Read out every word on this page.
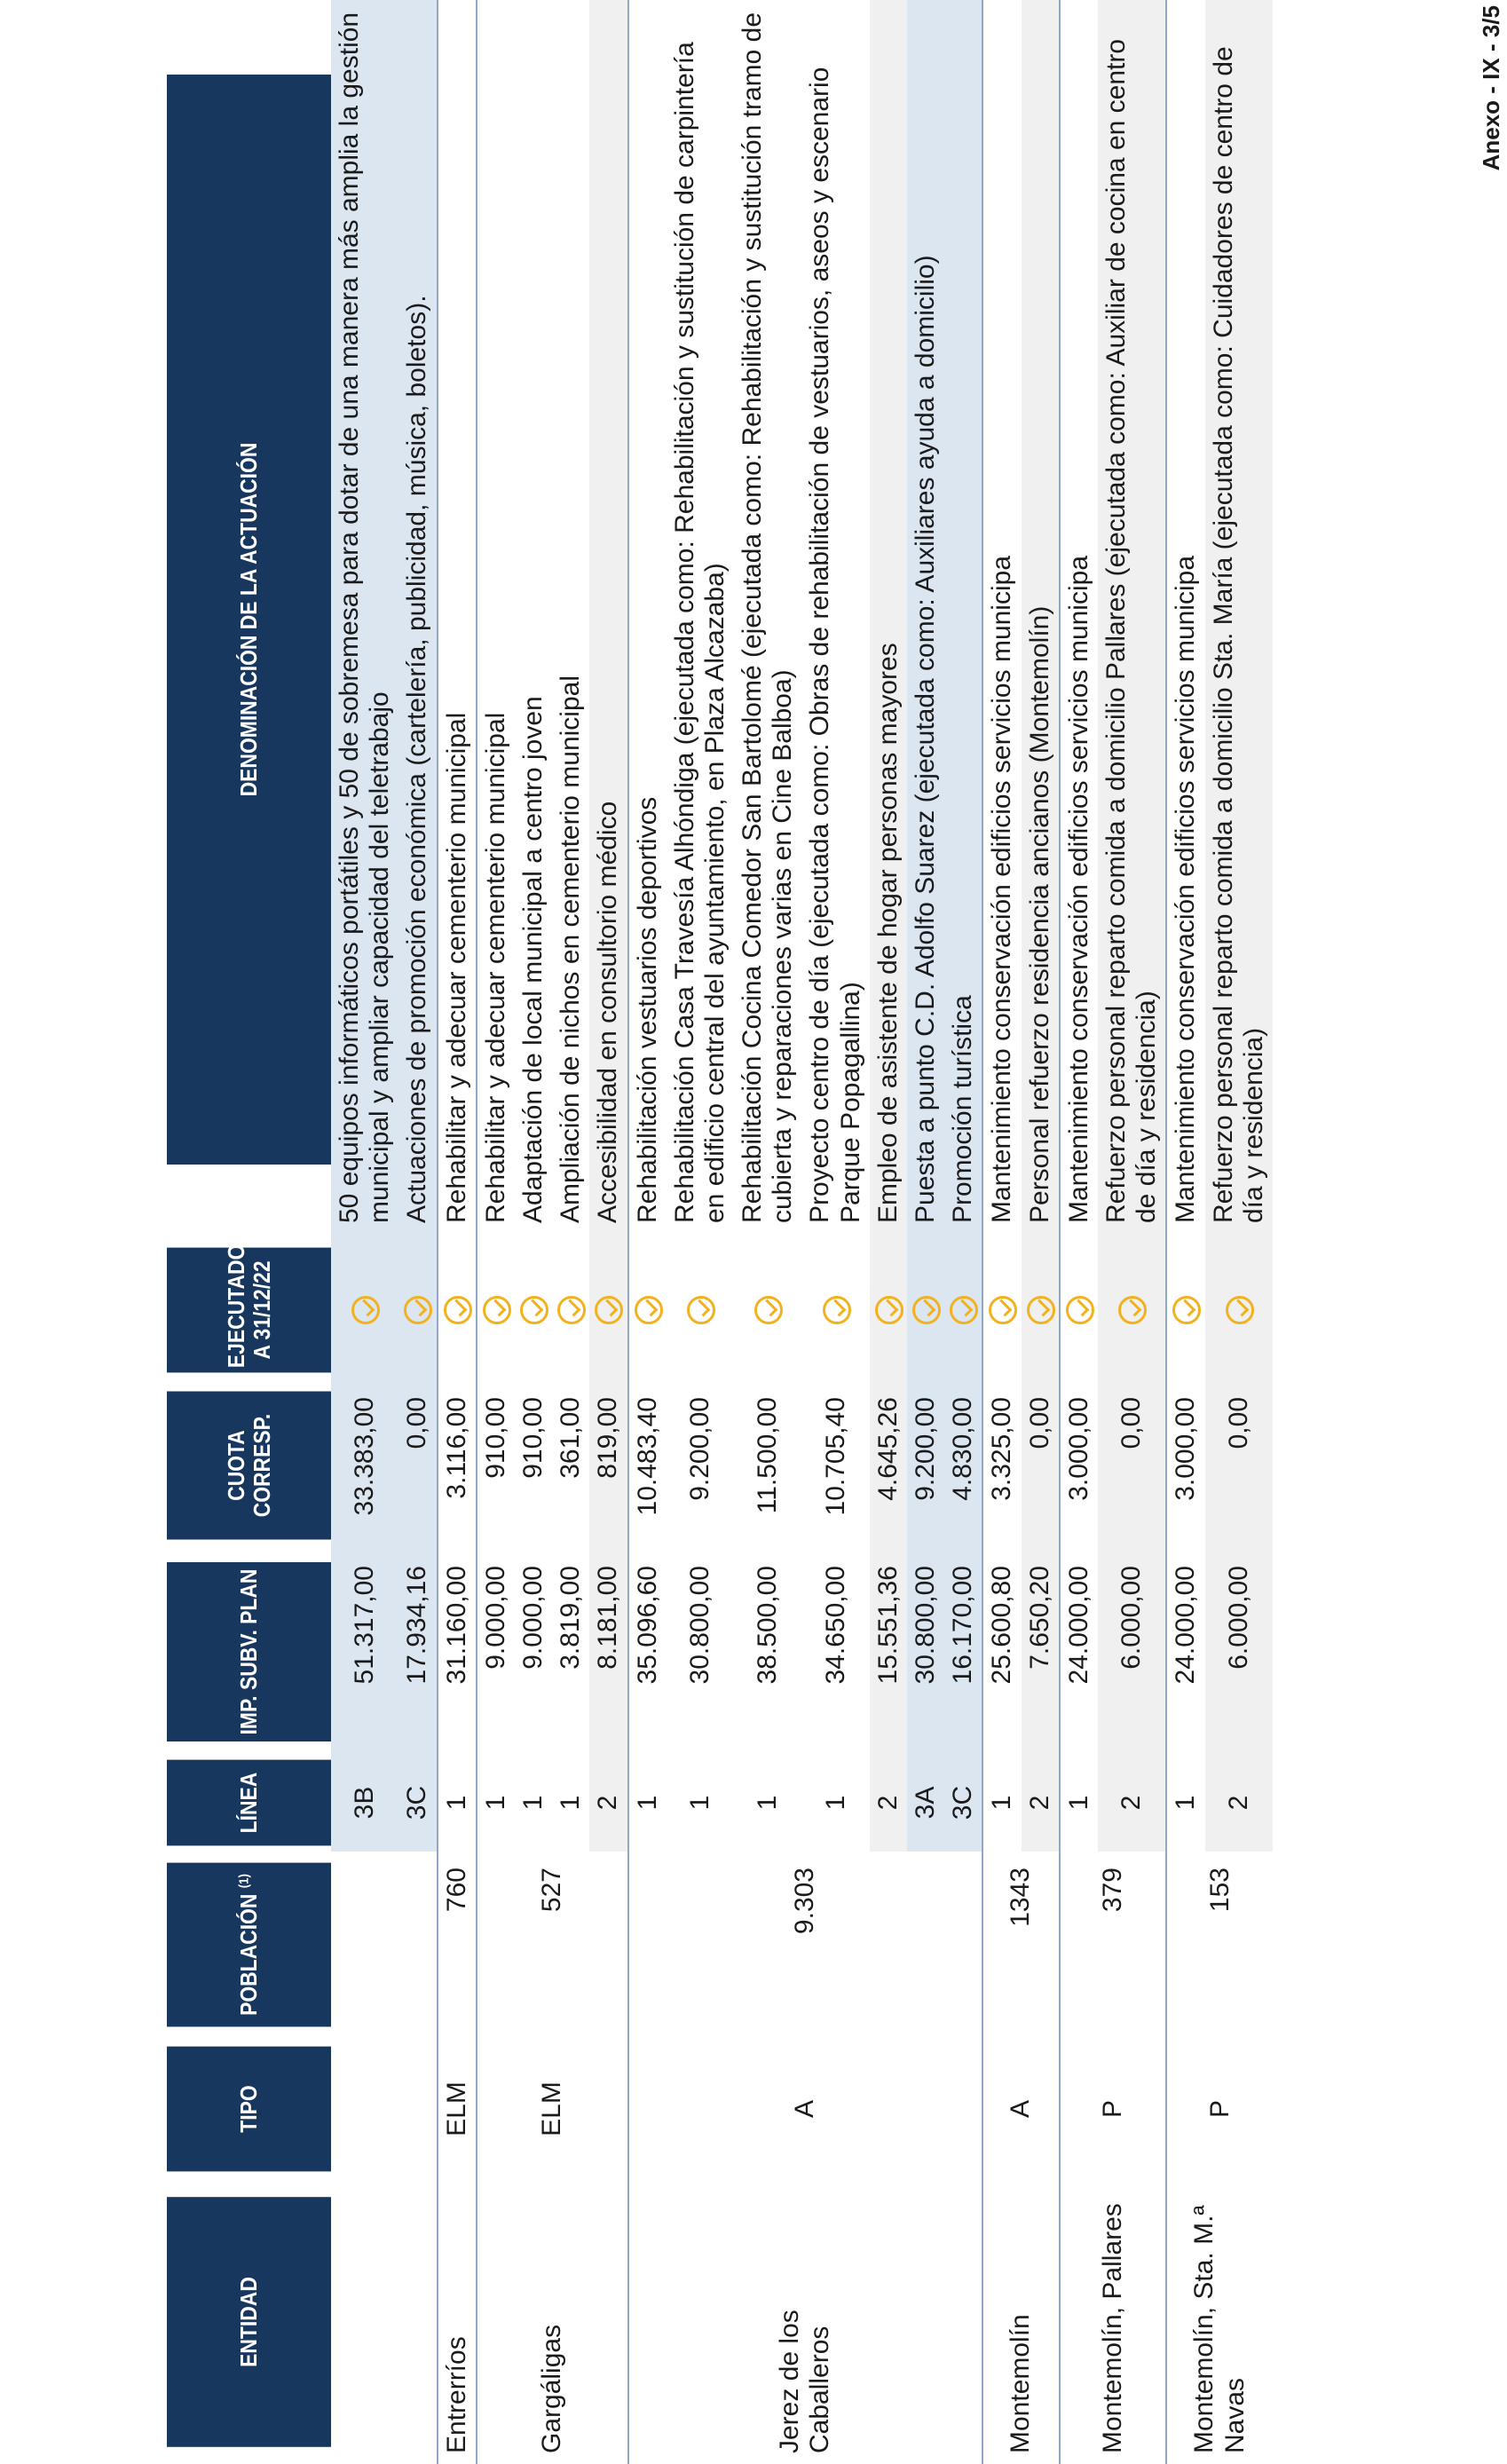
Anexo - IX - 3/5
ENTIDAD	TIPO	POBLACIÓN $^{(1)}$	LÍNEA	IMP. SUBV. PLAN	CUOTA CORRESP.	EJECUTADO A 31/12/22	DENOMINACIÓN DE LA ACTUACIÓN
			3B	51.317,00	33.383,00		50 equipos informáticos portátiles y 50 de sobremesa para dotar de una manera más amplia la gestión municipal y ampliar capacidad del teletrabajo
			3C	17.934,16	0,00		Actuaciones de promoción económica (cartelería, publicidad, música, boletos).
Entrerríos	ELM	760	1	31.160,00	3.116,00		Rehabilitar y adecuar cementerio municipal
Gargáligas	ELM	527	1	9.000,00	910,00		Rehabilitar y adecuar cementerio municipal
			1	9.000,00	910,00		Adaptación de local municipal a centro joven
			1	3.819,00	361,00		Ampliación de nichos en cementerio municipal
			2	8.181,00	819,00		Accesibilidad en consultorio médico
Jerez de los Caballeros	A	9.303	1	35.096,60	10.483,40		Rehabilitación vestuarios deportivos
			1	30.800,00	9.200,00		Rehabilitación Casa Travesía Alhóndiga (ejecutada como: Rehabilitación y sustitución de carpintería en edificio central del ayuntamiento, en Plaza Alcazaba)
			1	38.500,00	11.500,00		Rehabilitación Cocina Comedor San Bartolomé (ejecutada como: Rehabilitación y sustitución tramo de cubierta y reparaciones varias en Cine Balboa)
			1	34.650,00	10.705,40		Proyecto centro de día (ejecutada como: Obras de rehabilitación de vestuarios, aseos y escenario Parque Popagallina)
			2	15.551,36	4.645,26		Empleo de asistente de hogar personas mayores
			3A	30.800,00	9.200,00		Puesta a punto C.D. Adolfo Suarez (ejecutada como: Auxiliares ayuda a domicilio)
			3C	16.170,00	4.830,00		Promoción turística
Montemolín	A	1343	1	25.600,80	3.325,00		Mantenimiento conservación edificios servicios municipa
			2	7.650,20	0,00		Personal refuerzo residencia ancianos (Montemolín)
Montemolín, Pallares	P	379	1	24.000,00	3.000,00		Mantenimiento conservación edificios servicios municipa
			2	6.000,00	0,00		Refuerzo personal reparto comida a domicilio Pallares (ejecutada como: Auxiliar de cocina en centro de día y residencia)
Montemolín, Sta. M.ª Navas	P	153	1	24.000,00	3.000,00		Mantenimiento conservación edificios servicios municipa
			2	6.000,00	0,00		Refuerzo personal reparto comida a domicilio Sta. María (ejecutada como: Cuidadores de centro de día y residencia)
